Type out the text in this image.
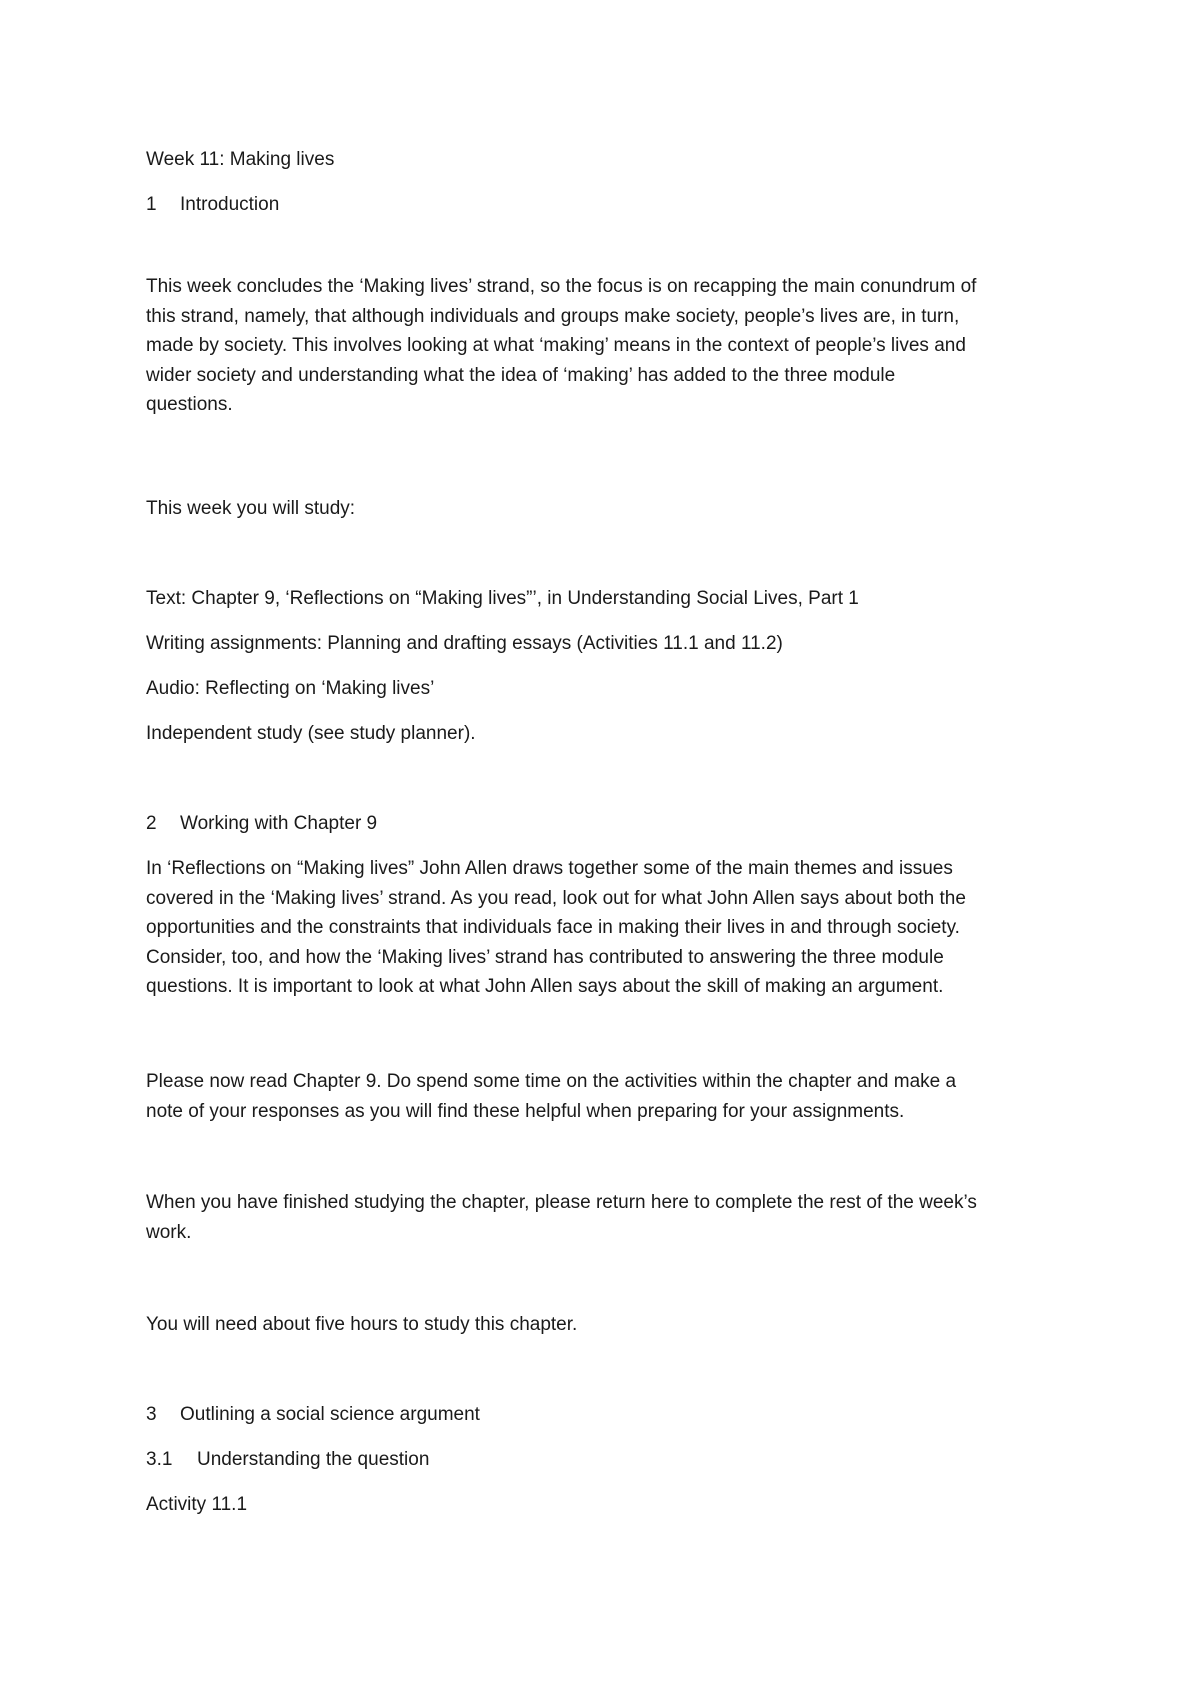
Week 11: Making lives
1 Introduction
This week concludes the ‘Making lives’ strand, so the focus is on recapping the main conundrum of
this strand, namely, that although individuals and groups make society, people’s lives are, in turn,
made by society. This involves looking at what ‘making’ means in the context of people’s lives and
wider society and understanding what the idea of ‘making’ has added to the three module
questions.
This week you will study:
Text: Chapter 9, ‘Reflections on “Making lives”’, in Understanding Social Lives, Part 1
Writing assignments: Planning and drafting essays (Activities 11.1 and 11.2)
Audio: Reflecting on ‘Making lives’
Independent study (see study planner).
2 Working with Chapter 9
In ‘Reflections on “Making lives” John Allen draws together some of the main themes and issues
covered in the ‘Making lives’ strand. As you read, look out for what John Allen says about both the
opportunities and the constraints that individuals face in making their lives in and through society.
Consider, too, and how the ‘Making lives’ strand has contributed to answering the three module
questions. It is important to look at what John Allen says about the skill of making an argument.
Please now read Chapter 9. Do spend some time on the activities within the chapter and make a
note of your responses as you will find these helpful when preparing for your assignments.
When you have finished studying the chapter, please return here to complete the rest of the week’s
work.
You will need about five hours to study this chapter.
3 Outlining a social science argument
3.1 Understanding the question
Activity 11.1
